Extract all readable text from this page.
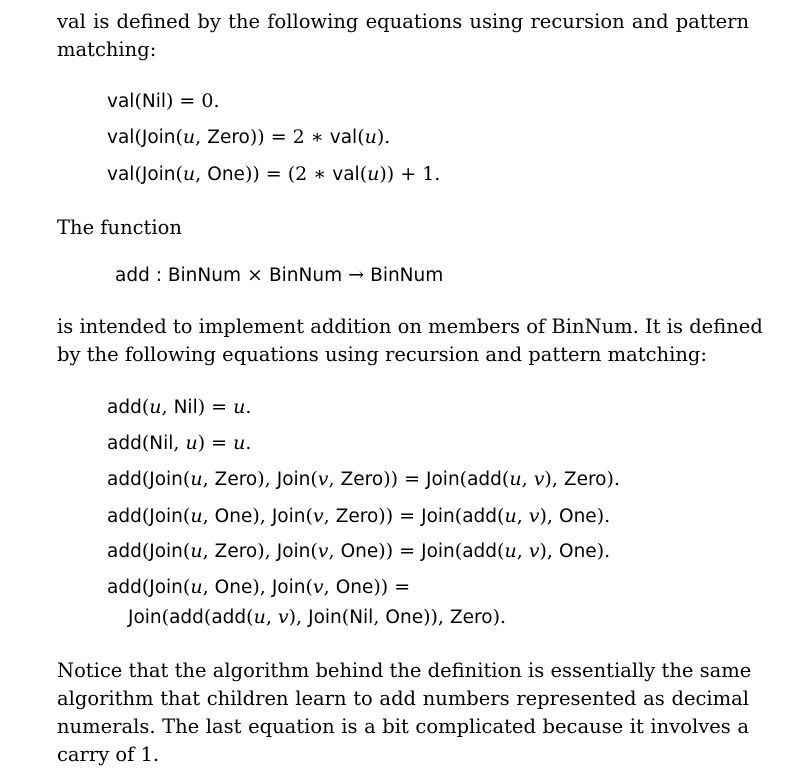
val is defined by the following equations using recursion and pattern
matching:
val(Nil) = 0.
val(Join(u, Zero)) = 2 ∗ val(u).
val(Join(u, One)) = (2 ∗ val(u)) + 1.
The function
add : BinNum × BinNum → BinNum
is intended to implement addition on members of BinNum. It is defined
by the following equations using recursion and pattern matching:
add(u, Nil) = u.
add(Nil, u) = u.
add(Join(u, Zero), Join(v, Zero)) = Join(add(u, v), Zero).
add(Join(u, One), Join(v, Zero)) = Join(add(u, v), One).
add(Join(u, Zero), Join(v, One)) = Join(add(u, v), One).
add(Join(u, One), Join(v, One)) =
Join(add(add(u, v), Join(Nil, One)), Zero).
Notice that the algorithm behind the definition is essentially the same
algorithm that children learn to add numbers represented as decimal
numerals. The last equation is a bit complicated because it involves a
carry of 1.
